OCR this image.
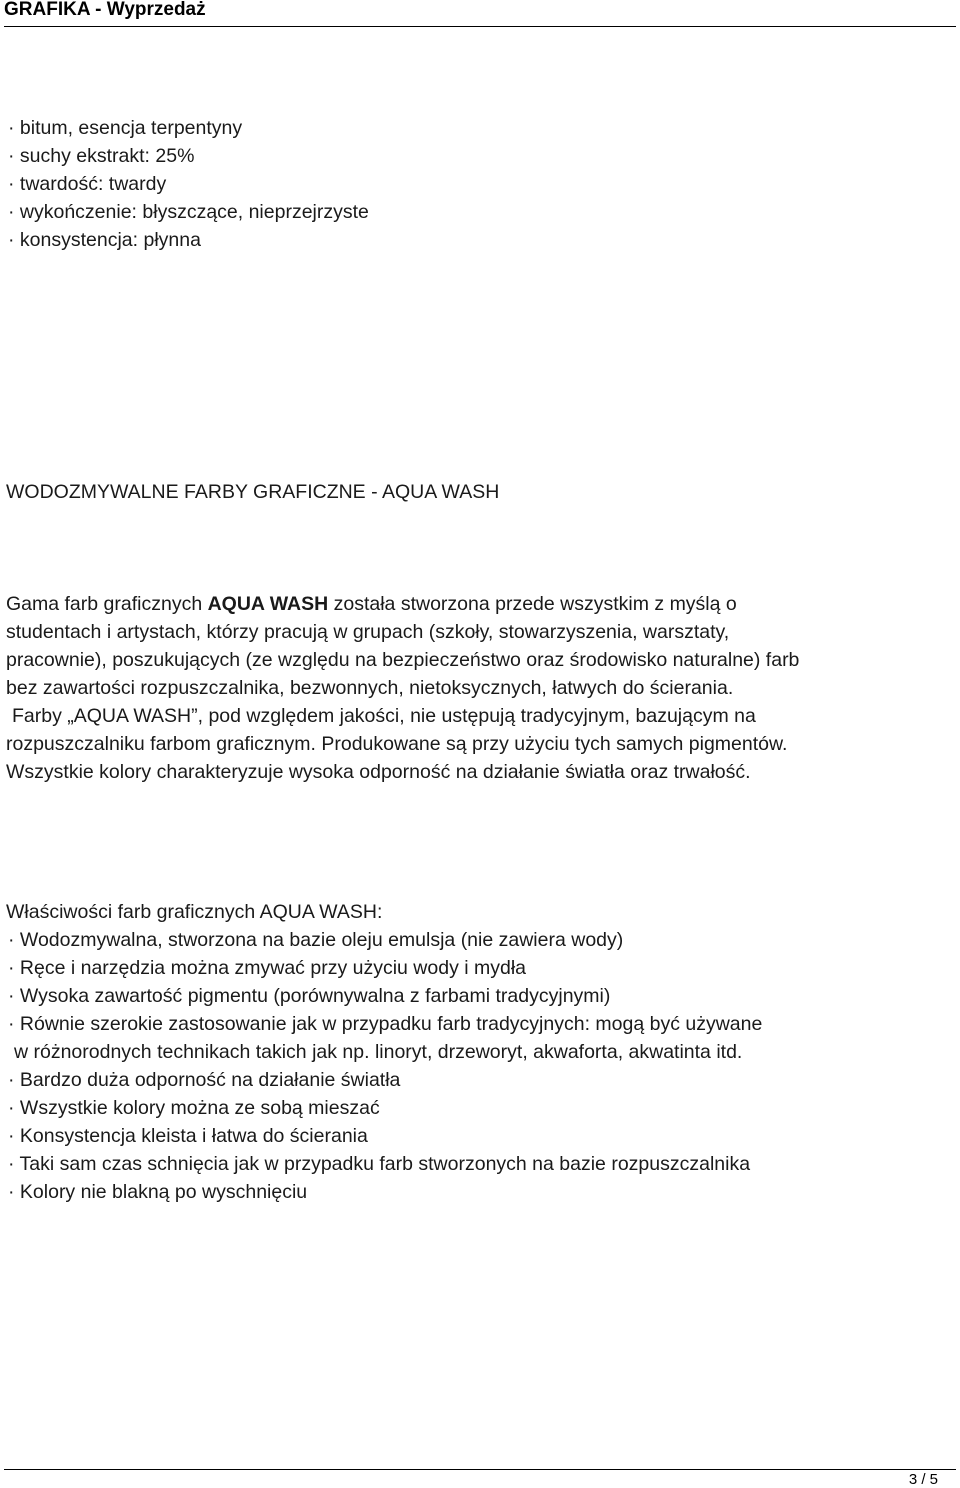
GRAFIKA - Wyprzedaż
· bitum, esencja terpentyny
· suchy ekstrakt: 25%
· twardość: twardy
· wykończenie: błyszczące, nieprzejrzyste
· konsystencja: płynna
WODOZMYWALNE FARBY GRAFICZNE - AQUA WASH
Gama farb graficznych AQUA WASH została stworzona przede wszystkim z myślą o
studentach i artystach, którzy pracują w grupach (szkoły, stowarzyszenia, warsztaty,
pracownie), poszukujących (ze względu na bezpieczeństwo oraz środowisko naturalne) farb
bez zawartości rozpuszczalnika, bezwonnych, nietoksycznych, łatwych do ścierania.
Farby „AQUA WASH”, pod względem jakości, nie ustępują tradycyjnym, bazującym na
rozpuszczalniku farbom graficznym. Produkowane są przy użyciu tych samych pigmentów.
Wszystkie kolory charakteryzuje wysoka odporność na działanie światła oraz trwałość.
Właściwości farb graficznych AQUA WASH:
· Wodozmywalna, stworzona na bazie oleju emulsja (nie zawiera wody)
· Ręce i narzędzia można zmywać przy użyciu wody i mydła
· Wysoka zawartość pigmentu (porównywalna z farbami tradycyjnymi)
· Równie szerokie zastosowanie jak w przypadku farb tradycyjnych: mogą być używane
w różnorodnych technikach takich jak np. linoryt, drzeworyt, akwaforta, akwatinta itd.
· Bardzo duża odporność na działanie światła
· Wszystkie kolory można ze sobą mieszać
· Konsystencja kleista i łatwa do ścierania
· Taki sam czas schnięcia jak w przypadku farb stworzonych na bazie rozpuszczalnika
· Kolory nie blakną po wyschnięciu
3 / 5
